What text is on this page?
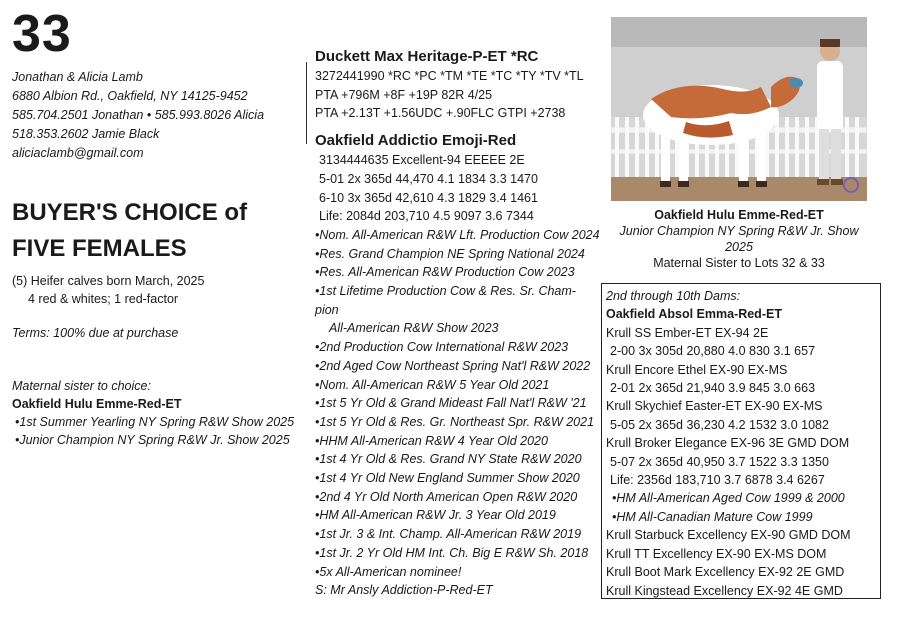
33
Jonathan & Alicia Lamb
6880 Albion Rd., Oakfield, NY 14125-9452
585.704.2501 Jonathan • 585.993.8026 Alicia
518.353.2602 Jamie Black
aliciaclamb@gmail.com
BUYER'S CHOICE of
FIVE FEMALES
(5) Heifer calves born March, 2025
4 red & whites; 1 red-factor
Terms: 100% due at purchase
Maternal sister to choice:
Oakfield Hulu Emme-Red-ET
•1st Summer Yearling NY Spring R&W Show 2025
•Junior Champion NY Spring R&W Jr. Show 2025
Duckett Max Heritage-P-ET *RC
3272441990 *RC *PC *TM *TE *TC *TY *TV *TL
PTA +796M +8F +19P 82R 4/25
PTA +2.13T +1.56UDC +.90FLC GTPI +2738
Oakfield Addictio Emoji-Red
3134444635 Excellent-94 EEEEE 2E
5-01 2x 365d 44,470 4.1 1834 3.3 1470
6-10 3x 365d 42,610 4.3 1829 3.4 1461
Life: 2084d 203,710 4.5 9097 3.6 7344
•Nom. All-American R&W Lft. Production Cow 2024
•Res. Grand Champion NE Spring National 2024
•Res. All-American R&W Production Cow 2023
•1st Lifetime Production Cow & Res. Sr. Cham-
pion
All-American R&W Show 2023
•2nd Production Cow International R&W 2023
•2nd Aged Cow Northeast Spring Nat'l R&W 2022
•Nom. All-American R&W 5 Year Old 2021
•1st 5 Yr Old & Grand Mideast Fall Nat'l R&W '21
•1st 5 Yr Old & Res. Gr. Northeast Spr. R&W 2021
•HHM All-American R&W 4 Year Old 2020
•1st 4 Yr Old & Res. Grand NY State R&W 2020
•1st 4 Yr Old New England Summer Show 2020
•2nd 4 Yr Old North American Open R&W 2020
•HM All-American R&W Jr. 3 Year Old 2019
•1st Jr. 3 & Int. Champ. All-American R&W 2019
•1st Jr. 2 Yr Old HM Int. Ch. Big E R&W Sh. 2018
•5x All-American nominee!
S: Mr Ansly Addiction-P-Red-ET
Oakfield Hulu Emme-Red-ET
Junior Champion NY Spring R&W Jr. Show 2025
Maternal Sister to Lots 32 & 33
2nd through 10th Dams:
Oakfield Absol Emma-Red-ET
Krull SS Ember-ET EX-94 2E
2-00 3x 305d 20,880 4.0 830 3.1 657
Krull Encore Ethel EX-90 EX-MS
2-01 2x 365d 21,940 3.9 845 3.0 663
Krull Skychief Easter-ET EX-90 EX-MS
5-05 2x 365d 36,230 4.2 1532 3.0 1082
Krull Broker Elegance EX-96 3E GMD DOM
5-07 2x 365d 40,950 3.7 1522 3.3 1350
Life: 2356d 183,710 3.7 6878 3.4 6267
•HM All-American Aged Cow 1999 & 2000
•HM All-Canadian Mature Cow 1999
Krull Starbuck Excellency EX-90 GMD DOM
Krull TT Excellency EX-90 EX-MS DOM
Krull Boot Mark Excellency EX-92 2E GMD
Krull Kingstead Excellency EX-92 4E GMD
